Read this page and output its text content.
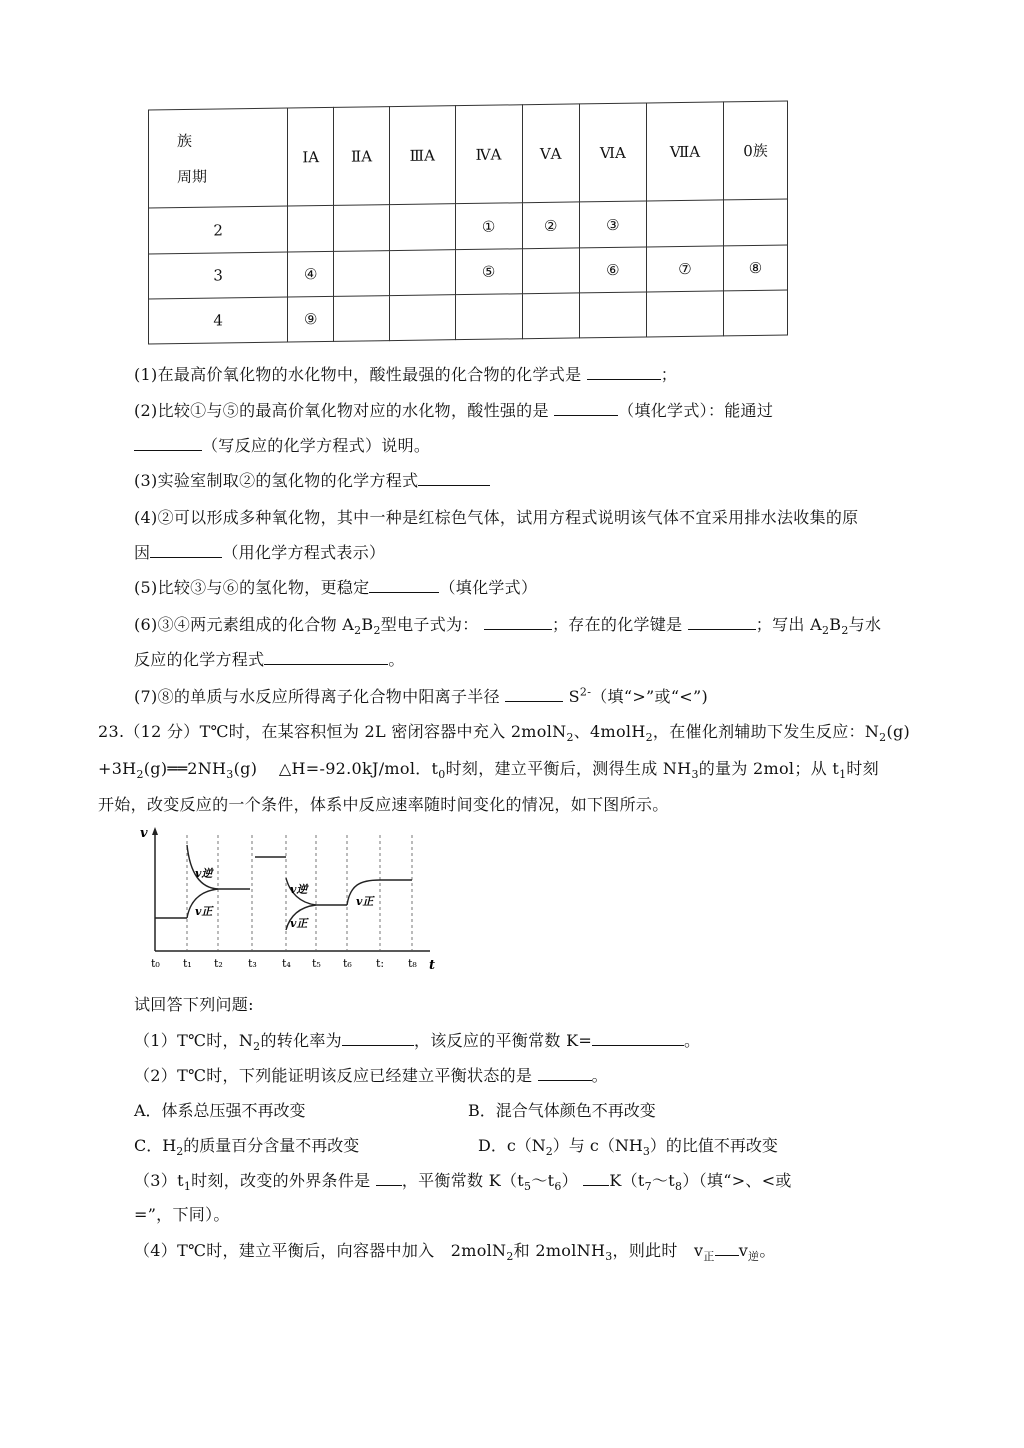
族
周期	ⅠA	ⅡA	ⅢA	ⅣA	ⅤA	ⅥA	ⅦA	0族
2				①	②	③		
3	④			⑤		⑥	⑦	⑧
4	⑨							
(1)在最高价氧化物的水化物中，酸性最强的化合物的化学式是	；
(2)比较①与⑤的最高价氧化物对应的水化物，酸性强的是	（填化学式）：能通过
（写反应的化学方程式）说明。
(3)实验室制取②的氢化物的化学方程式
(4)②可以形成多种氧化物，其中一种是红棕色气体，试用方程式说明该气体不宜采用排水法收集的原
因	（用化学方程式表示）
(5)比较③与⑥的氢化物，更稳定	（填化学式）
(6)③④两元素组成的化合物 $A_2B_2$型电子式为：	；存在的化学键是	；写出 $A_2B_2$与水
反应的化学方程式	。
(7)⑧的单质与水反应所得离子化合物中阳离子半径	$S^{2-}$（填“>”或“<”)
23.（12 分）T℃时，在某容积恒为 2L 密闭容器中充入 2molN$_2$、4molH$_2$，在催化剂辅助下发生反应：$N_2(g)$
$+3H_2(g)══2NH_3(g)$　 △H=-92.0kJ/mol．$t_0$时刻，建立平衡后，测得生成 $NH_3$的量为 2mol；从 $t_1$时刻
开始，改变反应的一个条件，体系中反应速率随时间变化的情况，如下图所示。
v
t
t₀ t₁ t₂ t₃ t₄ t₅ t₆ t: t₈
v逆
v正
v逆
v正
v正
试回答下列问题:
（1）T℃时，$N_2$的转化率为	，该反应的平衡常数 K=	。
（2）T℃时，下列能证明该反应已经建立平衡状态的是	。
A．体系总压强不再改变	B．混合气体颜色不再改变
C．$H_2$的质量百分含量不再改变	D．$c(N_2)$与 $c(NH_3)$的比值不再改变
$(3)t_1$时刻，改变的外界条件是 ，平衡常数 $K(t_5\sim t_6)$ $K(t_7\sim t_8)$（填“>、<或
=”，下同）。
（4）T℃时，建立平衡后，向容器中加入　2molN$_2$和 2molNH$_3$，则此时　$v_正$ $v_逆$。
